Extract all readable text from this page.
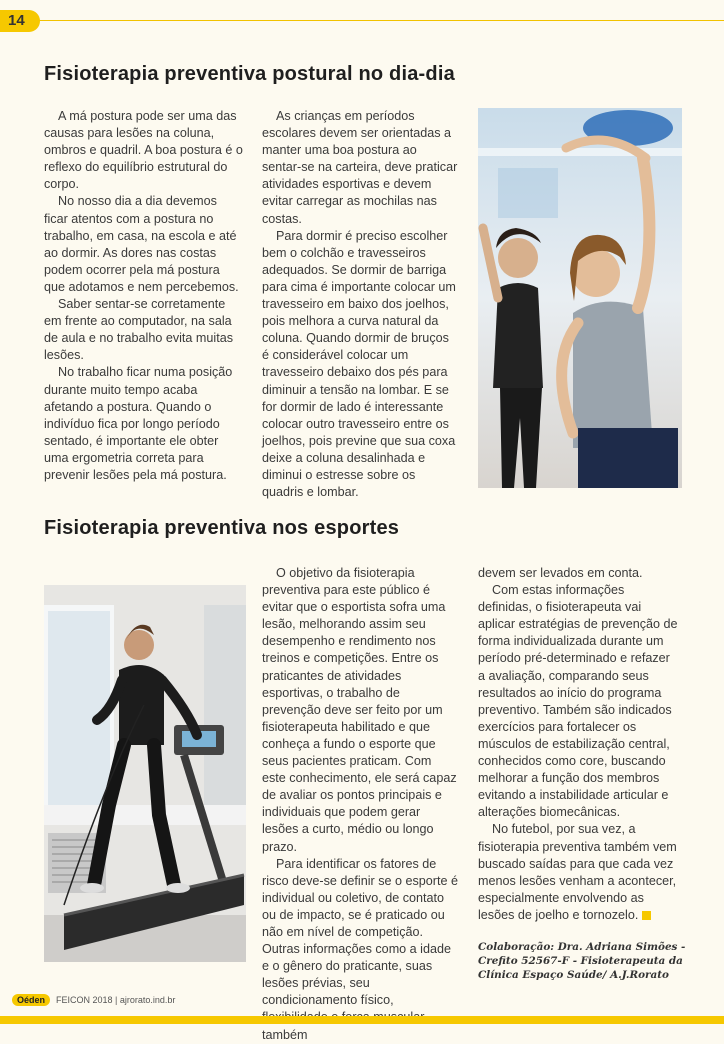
14
Fisioterapia preventiva postural no dia-dia

A má postura pode ser uma das causas para lesões na coluna, ombros e quadril. A boa postura é o reflexo do equilíbrio estrutural do corpo.

No nosso dia a dia devemos ficar atentos com a postura no trabalho, em casa, na escola e até ao dormir. As dores nas costas podem ocorrer pela má postura que adotamos e nem percebemos.

Saber sentar-se corretamente em frente ao computador, na sala de aula e no trabalho evita muitas lesões.

No trabalho ficar numa posição durante muito tempo acaba afetando a postura. Quando o indivíduo fica por longo período sentado, é importante ele obter uma ergometria correta para prevenir lesões pela má postura.

As crianças em períodos escolares devem ser orientadas a manter uma boa postura ao sentar-se na carteira, deve praticar atividades esportivas e devem evitar carregar as mochilas nas costas.

Para dormir é preciso escolher bem o colchão e travesseiros adequados. Se dormir de barriga para cima é importante colocar um travesseiro em baixo dos joelhos, pois melhora a curva natural da coluna. Quando dormir de bruços é considerável colocar um travesseiro debaixo dos pés para diminuir a tensão na lombar. E se for dormir de lado é interessante colocar outro travesseiro entre os joelhos, pois previne que sua coxa deixe a coluna desalinhada e diminui o estresse sobre os quadris e lombar.

Fisioterapia preventiva nos esportes

O objetivo da fisioterapia preventiva para este público é evitar que o esportista sofra uma lesão, melhorando assim seu desempenho e rendimento nos treinos e competições. Entre os praticantes de atividades esportivas, o trabalho de prevenção deve ser feito por um fisioterapeuta habilitado e que conheça a fundo o esporte que seus pacientes praticam. Com este conhecimento, ele será capaz de avaliar os pontos principais e individuais que podem gerar lesões a curto, médio ou longo prazo.

Para identificar os fatores de risco deve-se definir se o esporte é individual ou coletivo, de contato ou de impacto, se é praticado ou não em nível de competição. Outras informações como a idade e o gênero do praticante, suas lesões prévias, seu condicionamento físico, também

devem ser levados em conta.

Com estas informações definidas, o fisioterapeuta vai aplicar estratégias de prevenção de forma individualizada durante um período pré-determinado e refazer a avaliação, comparando seus resultados ao início do programa preventivo. Também são indicados exercícios para fortalecer os músculos de estabilização central, conhecidos como core, buscando melhorar a função dos membros evitando a instabilidade articular e alterações biomecânicas.

No futebol, por sua vez, a fisioterapia preventiva também vem buscado saídas para que cada vez menos lesões venham a acontecer, especialmente envolvendo as lesões de joelho e tornozelo.

Colaboração: Dra. Adriana Simões - Crefito 52567-F - Fisioterapeuta da Clínica Espaço Saúde/ A.J.Rorato
Oéden FEICON 2018 | ajrorato.ind.br
